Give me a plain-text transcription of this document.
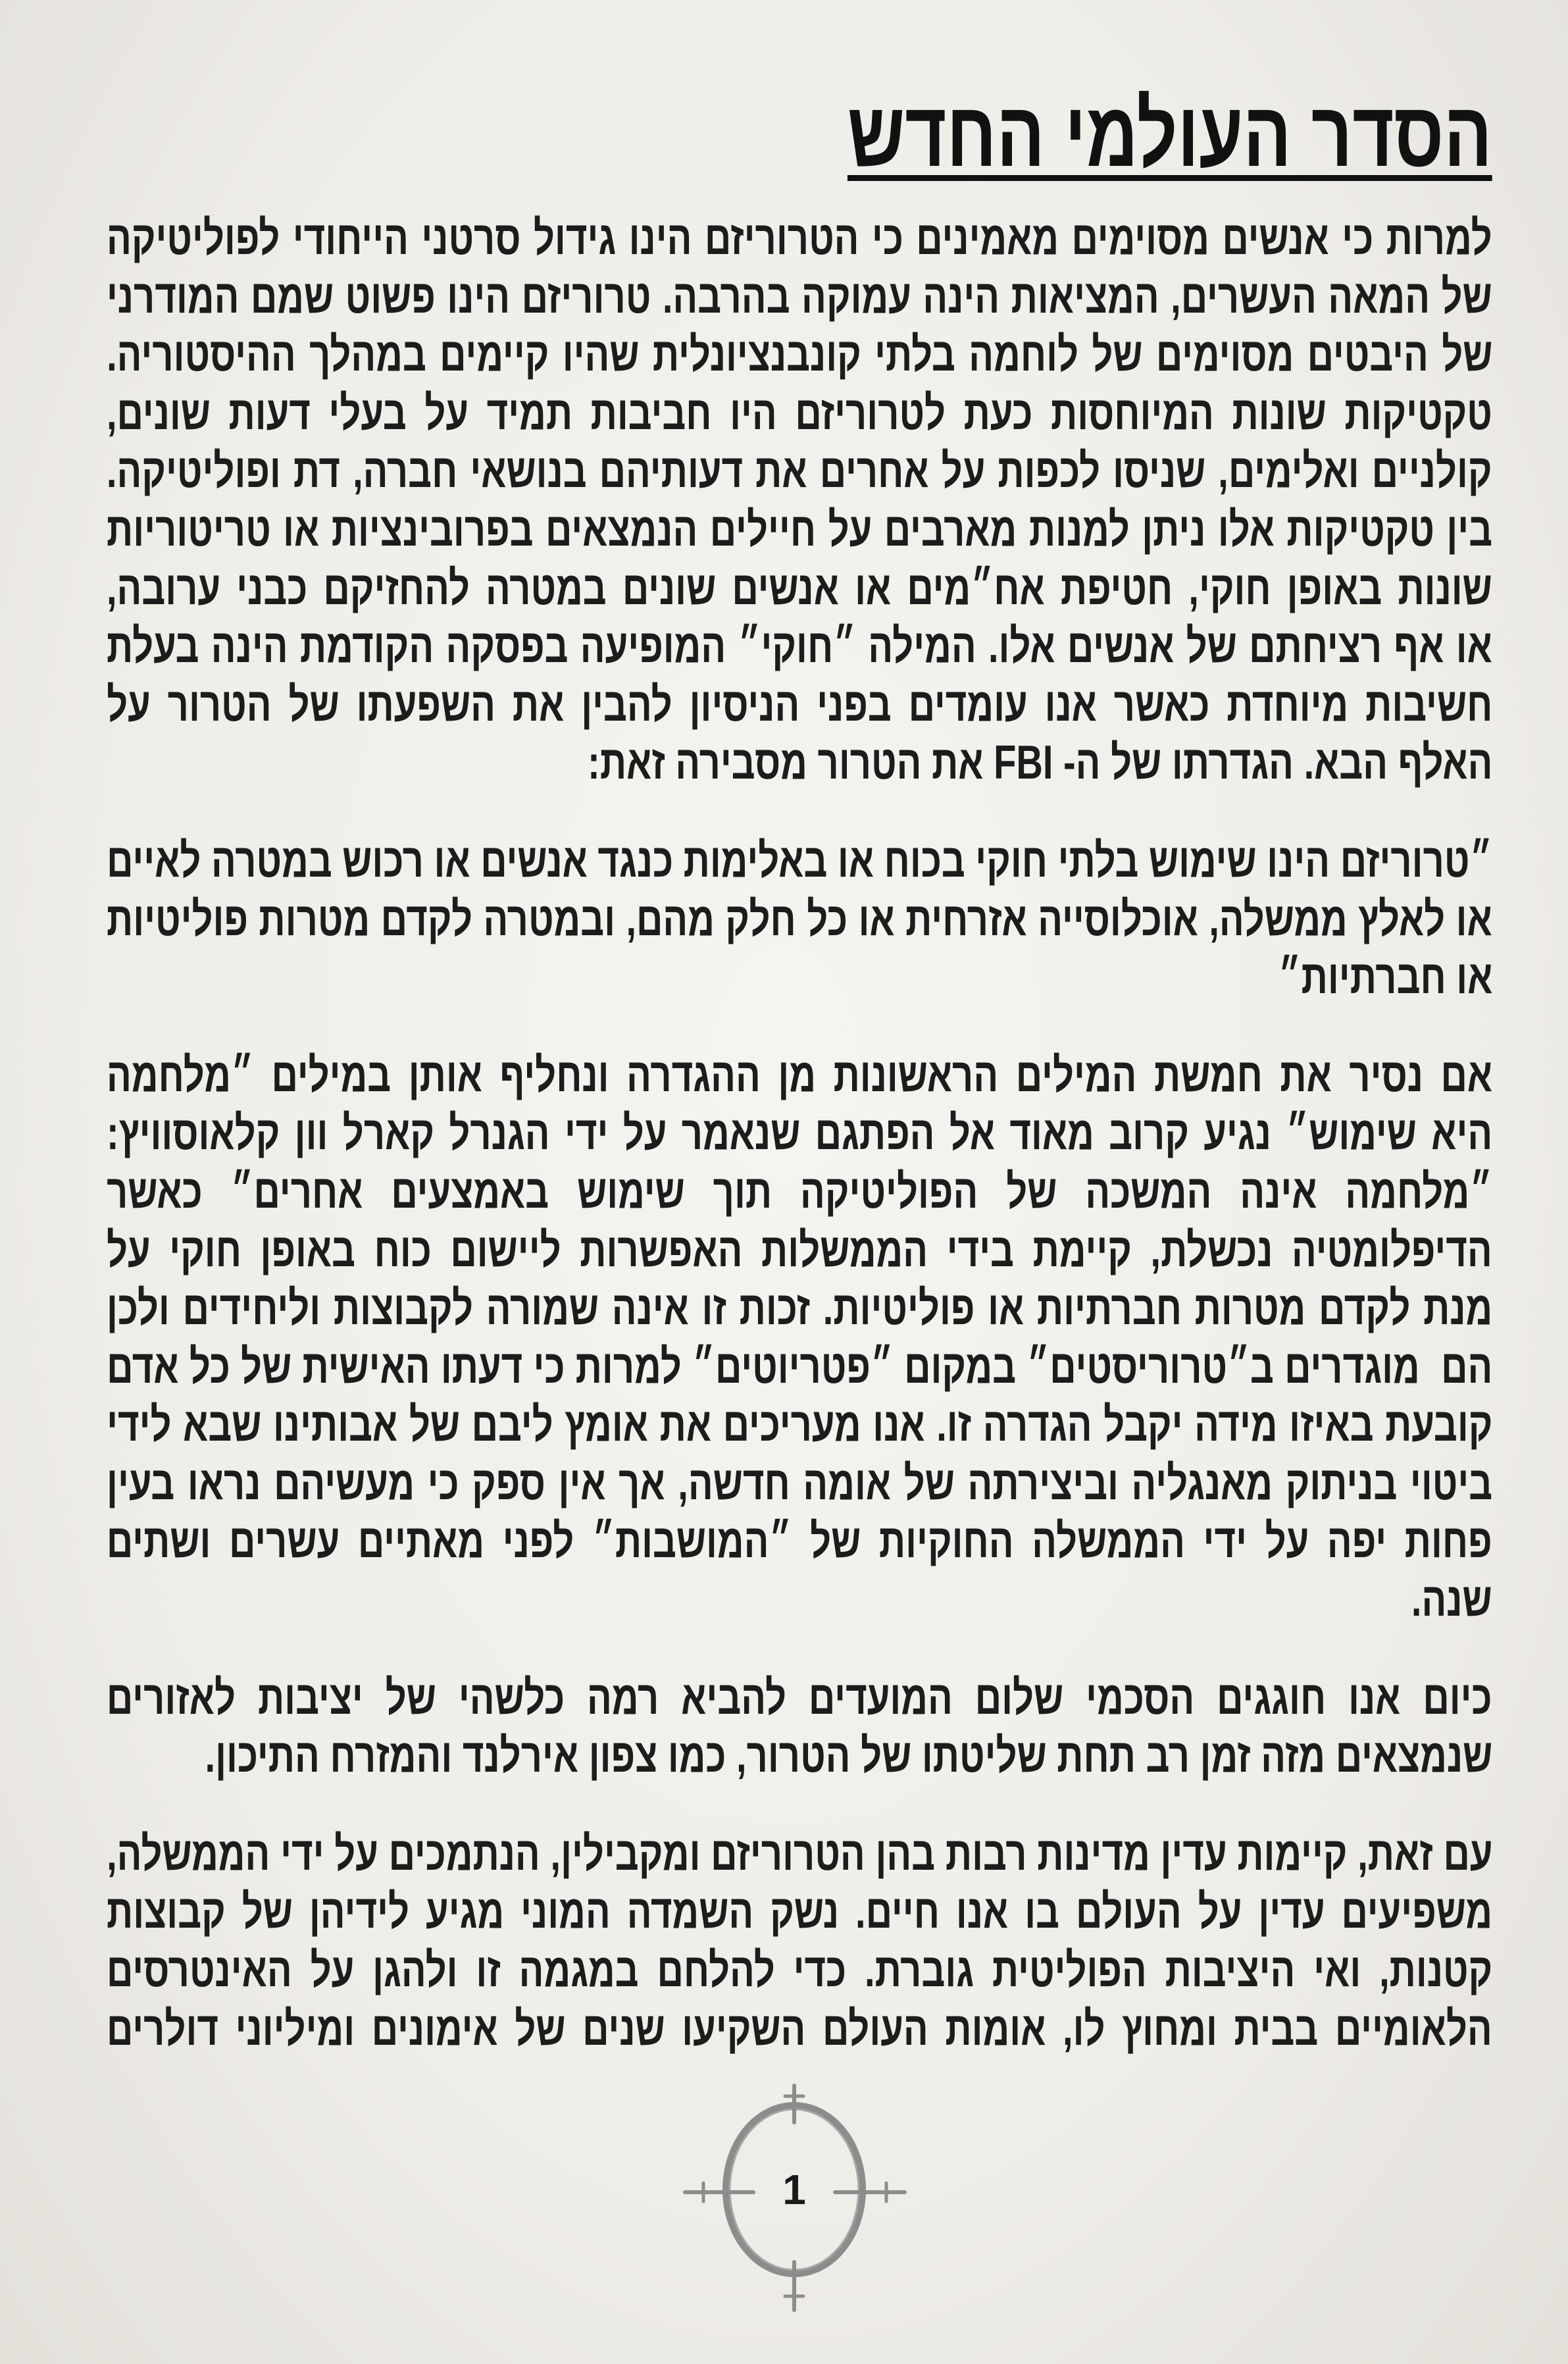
הסדר העולמי החדש
למרות כי אנשים מסוימים מאמינים כי הטרוריזם הינו גידול סרטני הייחודי לפוליטיקה
של המאה העשרים, המציאות הינה עמוקה בהרבה. טרוריזם הינו פשוט שמם המודרני
של היבטים מסוימים של לוחמה בלתי קונבנציונלית שהיו קיימים במהלך ההיסטוריה.
טקטיקות שונות המיוחסות כעת לטרוריזם היו חביבות תמיד על בעלי דעות שונים,
קולניים ואלימים, שניסו לכפות על אחרים את דעותיהם בנושאי חברה, דת ופוליטיקה.
בין טקטיקות אלו ניתן למנות מארבים על חיילים הנמצאים בפרובינציות או טריטוריות
שונות באופן חוקי, חטיפת אח״מים או אנשים שונים במטרה להחזיקם כבני ערובה,
או אף רציחתם של אנשים אלו. המילה ״חוקי״ המופיעה בפסקה הקודמת הינה בעלת
חשיבות מיוחדת כאשר אנו עומדים בפני הניסיון להבין את השפעתו של הטרור על
האלף הבא. הגדרתו של ה- FBI את הטרור מסבירה זאת:
״טרוריזם הינו שימוש בלתי חוקי בכוח או באלימות כנגד אנשים או רכוש במטרה לאיים
או לאלץ ממשלה, אוכלוסייה אזרחית או כל חלק מהם, ובמטרה לקדם מטרות פוליטיות
או חברתיות״
אם נסיר את חמשת המילים הראשונות מן ההגדרה ונחליף אותן במילים ״מלחמה
היא שימוש״ נגיע קרוב מאוד אל הפתגם שנאמר על ידי הגנרל קארל וון קלאוסוויץ:
״מלחמה אינה המשכה של הפוליטיקה תוך שימוש באמצעים אחרים״ כאשר
הדיפלומטיה נכשלת, קיימת בידי הממשלות האפשרות ליישום כוח באופן חוקי על
מנת לקדם מטרות חברתיות או פוליטיות. זכות זו אינה שמורה לקבוצות וליחידים ולכן
הם  מוגדרים ב״טרוריסטים״ במקום ״פטריוטים״ למרות כי דעתו האישית של כל אדם
קובעת באיזו מידה יקבל הגדרה זו. אנו מעריכים את אומץ ליבם של אבותינו שבא לידי
ביטוי בניתוק מאנגליה וביצירתה של אומה חדשה, אך אין ספק כי מעשיהם נראו בעין
פחות יפה על ידי הממשלה החוקיות של ״המושבות״ לפני מאתיים עשרים ושתים
שנה.
כיום אנו חוגגים הסכמי שלום המועדים להביא רמה כלשהי של יציבות לאזורים
שנמצאים מזה זמן רב תחת שליטתו של הטרור, כמו צפון אירלנד והמזרח התיכון.
עם זאת, קיימות עדין מדינות רבות בהן הטרוריזם ומקבילין, הנתמכים על ידי הממשלה,
משפיעים עדין על העולם בו אנו חיים. נשק השמדה המוני מגיע לידיהן של קבוצות
קטנות, ואי היציבות הפוליטית גוברת. כדי להלחם במגמה זו ולהגן על האינטרסים
הלאומיים בבית ומחוץ לו, אומות העולם השקיעו שנים של אימונים ומיליוני דולרים
1
